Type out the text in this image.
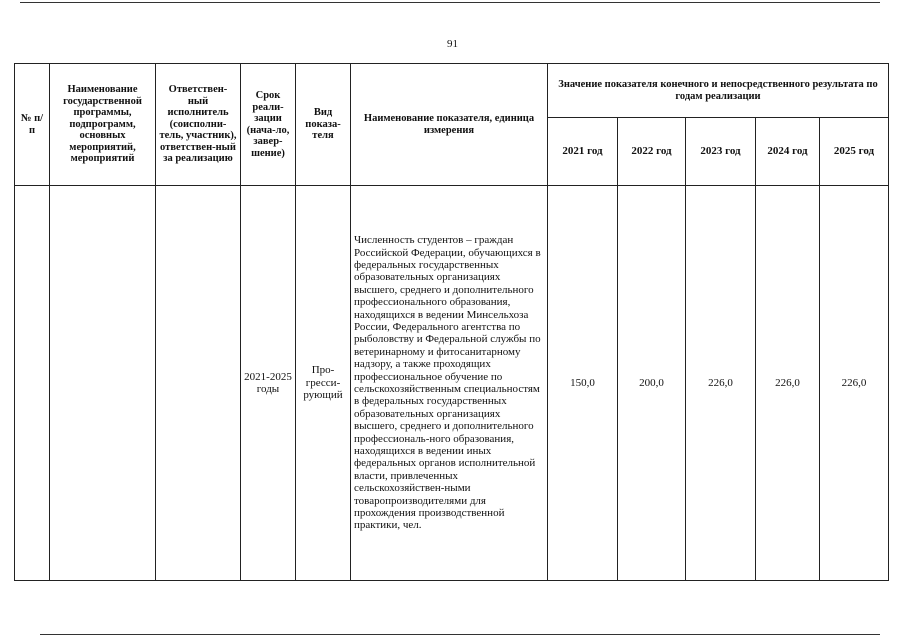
91
№ п/п	Наименование государственной программы, подпрограмм, основных мероприятий, мероприятий	Ответствен-ный исполнитель (соисполни-тель, участник), ответствен-ный за реализацию	Срок реали-зации (нача-ло, завер-шение)	Вид показа-теля	Наименование показателя, единица измерения	Значение показателя конечного и непосредственного результата по годам реализации				
						2021 год	2022 год	2023 год	2024 год	2025 год
			2021-2025 годы	Про-гресси-рующий	Численность студентов – граждан Российской Федерации, обучающихся в федеральных государственных образовательных организациях высшего, среднего и дополнительного профессионального образования, находящихся в ведении Минсельхоза России, Федерального агентства по рыболовству и Федеральной службы по ветеринарному и фитосанитарному надзору, а также проходящих профессиональное обучение по сельскохозяйственным специальностям в федеральных государственных образовательных организациях высшего, среднего и дополнительного профессиональ-ного образования, находящихся в ведении иных федеральных органов исполнительной власти, привлеченных сельскохозяйствен-ными товаропроизводителями для прохождения производственной практики, чел.	150,0	200,0	226,0	226,0	226,0
